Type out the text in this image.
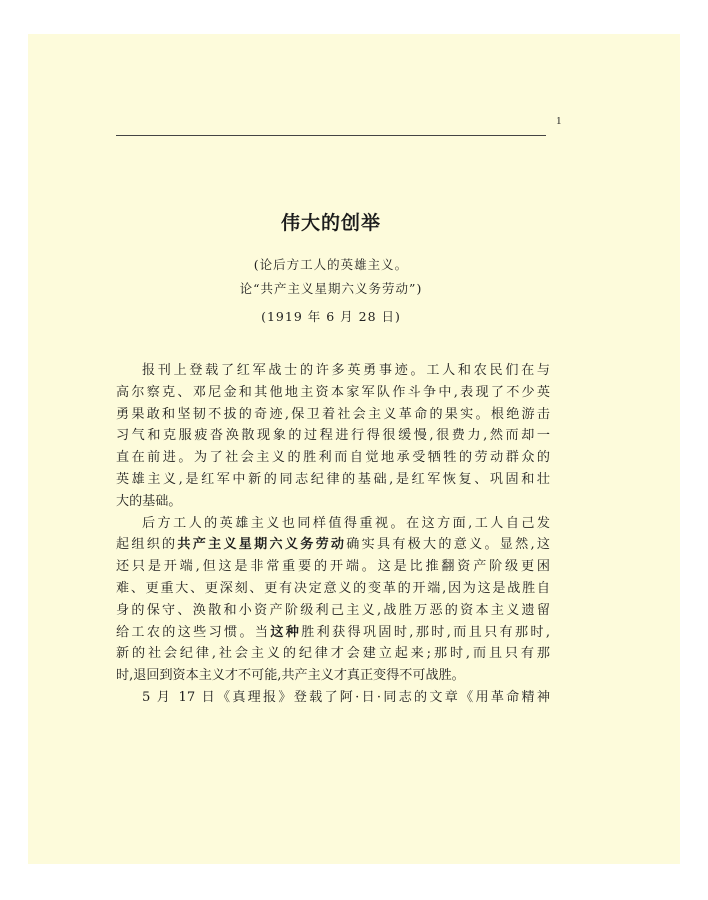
1
伟大的创举
(论后方工人的英雄主义。
论“共产主义星期六义务劳动”)
(1919 年 6 月 28 日)
报刊上登载了红军战士的许多英勇事迹。工人和农民们在与
高尔察克、邓尼金和其他地主资本家军队作斗争中,表现了不少英
勇果敢和坚韧不拔的奇迹,保卫着社会主义革命的果实。根绝游击
习气和克服疲沓涣散现象的过程进行得很缓慢,很费力,然而却一
直在前进。为了社会主义的胜利而自觉地承受牺牲的劳动群众的
英雄主义,是红军中新的同志纪律的基础,是红军恢复、巩固和壮
大的基础。
后方工人的英雄主义也同样值得重视。在这方面,工人自己发
起组织的共产主义星期六义务劳动确实具有极大的意义。显然,这
还只是开端,但这是非常重要的开端。这是比推翻资产阶级更困
难、更重大、更深刻、更有决定意义的变革的开端,因为这是战胜自
身的保守、涣散和小资产阶级利己主义,战胜万恶的资本主义遗留
给工农的这些习惯。当这种胜利获得巩固时,那时,而且只有那时,
新的社会纪律,社会主义的纪律才会建立起来;那时,而且只有那
时,退回到资本主义才不可能,共产主义才真正变得不可战胜。
5 月 17 日《真理报》登载了阿·日·同志的文章《用革命精神
